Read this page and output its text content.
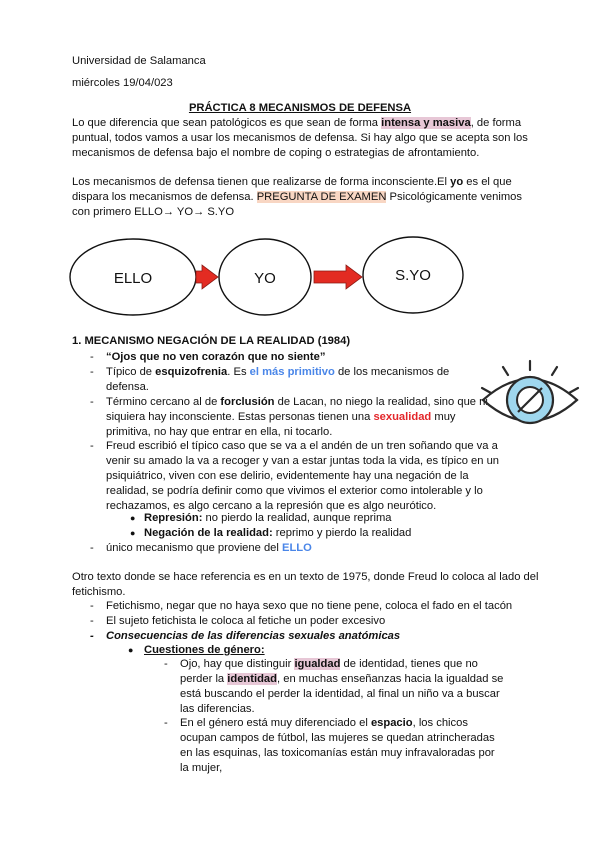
Universidad de Salamanca

miércoles 19/04/023

PRÁCTICA 8 MECANISMOS DE DEFENSA

Lo que diferencia que sean patológicos es que sean de forma intensa y masiva, de forma puntual, todos vamos a usar los mecanismos de defensa. Si hay algo que se acepta son los mecanismos de defensa bajo el nombre de coping o estrategias de afrontamiento.

Los mecanismos de defensa tienen que realizarse de forma inconsciente.El yo es el que dispara los mecanismos de defensa. PREGUNTA DE EXAMEN Psicológicamente venimos con primero ELLO→ YO→ S.YO

ELLO	YO	S.YO

1. MECANISMO NEGACIÓN DE LA REALIDAD (1984)

- “Ojos que no ven corazón que no siente”
- Típico de esquizofrenia. Es el más primitivo de los mecanismos de defensa.
- Término cercano al de forclusión de Lacan, no niego la realidad, sino que ni siquiera hay inconsciente. Estas personas tienen una sexualidad muy primitiva, no hay que entrar en ella, ni tocarlo.
- Freud escribió el típico caso que se va a el andén de un tren soñando que va a venir su amado la va a recoger y van a estar juntas toda la vida, es típico en un psiquiátrico, viven con ese delirio, evidentemente hay una negación de la realidad, se podría definir como que vivimos el exterior como intolerable y lo rechazamos, es algo cercano a la represión que es algo neurótico.
● Represión: no pierdo la realidad, aunque reprima
● Negación de la realidad: reprimo y pierdo la realidad
- único mecanismo que proviene del ELLO

Otro texto donde se hace referencia es en un texto de 1975, donde Freud lo coloca al lado del fetichismo.

- Fetichismo, negar que no haya sexo que no tiene pene, coloca el fado en el tacón
- El sujeto fetichista le coloca al fetiche un poder excesivo
- Consecuencias de las diferencias sexuales anatómicas
● Cuestiones de género:
- Ojo, hay que distinguir igualdad de identidad, tienes que no perder la identidad, en muchas enseñanzas hacia la igualdad se está buscando el perder la identidad, al final un niño va a buscar las diferencias.
- En el género está muy diferenciado el espacio, los chicos ocupan campos de fútbol, las mujeres se quedan atrincheradas en las esquinas, las toxicomanías están muy infravaloradas por la mujer,
